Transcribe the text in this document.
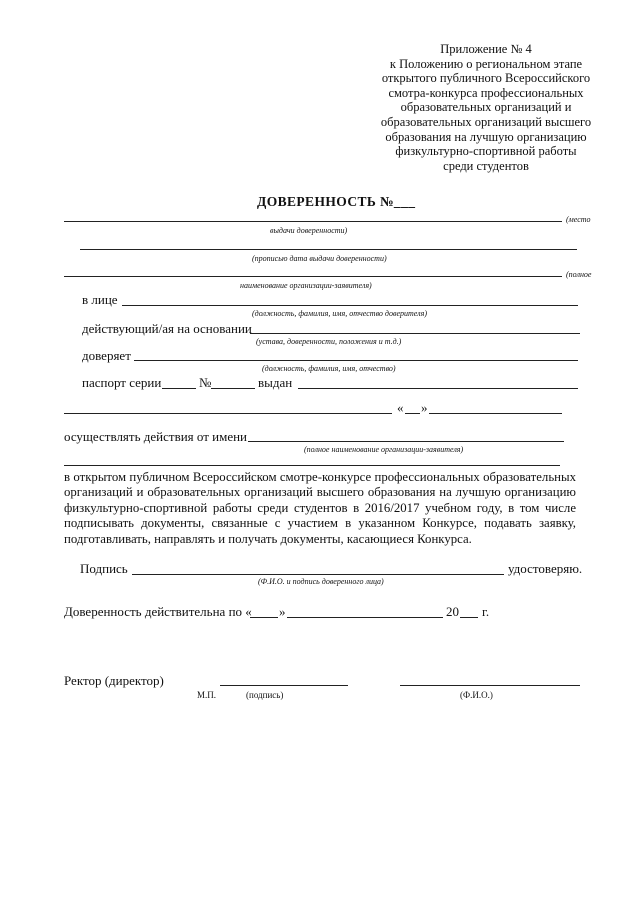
Приложение № 4
к Положению о региональном этапе
открытого публичного Всероссийского
смотра-конкурса профессиональных
образовательных организаций и
образовательных организаций высшего
образования на лучшую организацию
физкультурно-спортивной работы
среди студентов
ДОВЕРЕННОСТЬ №___
(место
выдачи доверенности)
(прописью дата выдачи доверенности)
(полное
наименование организации-заявителя)
в лице
(должность, фамилия, имя, отчество доверителя)
действующий/ая на основании
(устава, доверенности, положения и т.д.)
доверяет
(должность, фамилия, имя, отчество)
паспорт серии	№	выдан
« »
осуществлять действия от имени
(полное наименование организации-заявителя)
в открытом публичном Всероссийском смотре-конкурсе профессиональных образовательных
организаций и образовательных организаций высшего образования на лучшую организацию
физкультурно-спортивной работы среди студентов в 2016/2017 учебном году, в том числе
подписывать документы, связанные с участием в указанном Конкурсе, подавать заявку,
подготавливать, направлять и получать документы, касающиеся Конкурса.
Подпись	удостоверяю.
(Ф.И.О. и подпись доверенного лица)
Доверенность действительна по « »	20 г.
Ректор (директор)
М.П.	(подпись)	(Ф.И.О.)
